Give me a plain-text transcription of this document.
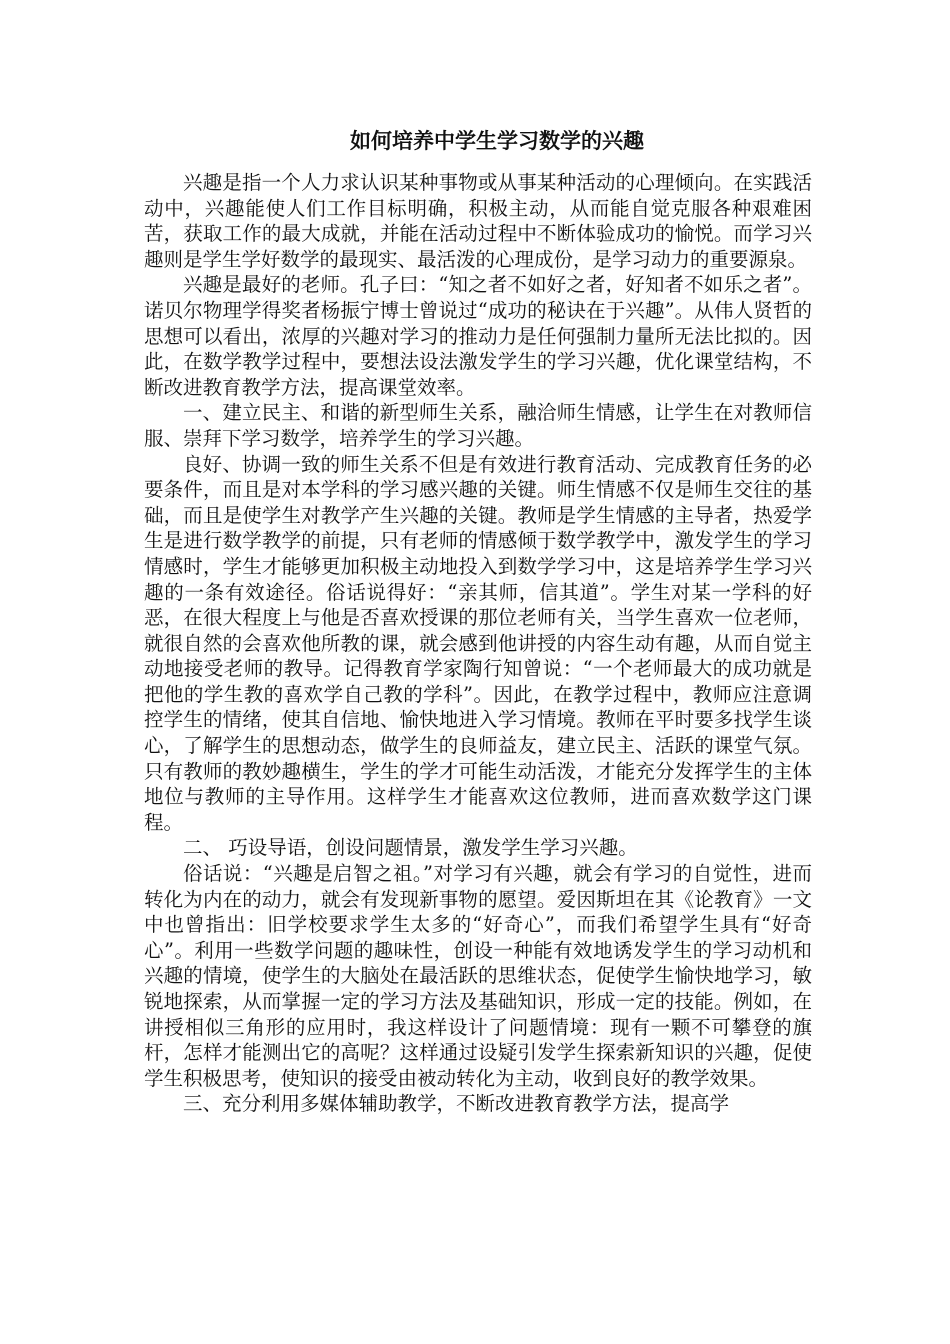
如何培养中学生学习数学的兴趣

兴趣是指一个人力求认识某种事物或从事某种活动的心理倾向。在实践活动中，兴趣能使人们工作目标明确，积极主动，从而能自觉克服各种艰难困苦，获取工作的最大成就，并能在活动过程中不断体验成功的愉悦。而学习兴趣则是学生学好数学的最现实、最活泼的心理成份，是学习动力的重要源泉。

兴趣是最好的老师。孔子曰：“知之者不如好之者，好知者不如乐之者”。诺贝尔物理学得奖者杨振宁博士曾说过“成功的秘诀在于兴趣”。从伟人贤哲的思想可以看出，浓厚的兴趣对学习的推动力是任何强制力量所无法比拟的。因此，在数学教学过程中，要想法设法激发学生的学习兴趣，优化课堂结构，不断改进教育教学方法，提高课堂效率。

一、建立民主、和谐的新型师生关系，融洽师生情感，让学生在对教师信服、崇拜下学习数学，培养学生的学习兴趣。

良好、协调一致的师生关系不但是有效进行教育活动、完成教育任务的必要条件，而且是对本学科的学习感兴趣的关键。师生情感不仅是师生交往的基础，而且是使学生对教学产生兴趣的关键。教师是学生情感的主导者，热爱学生是进行数学教学的前提，只有老师的情感倾于数学教学中，激发学生的学习情感时，学生才能够更加积极主动地投入到数学学习中，这是培养学生学习兴趣的一条有效途径。俗话说得好：“亲其师，信其道”。学生对某一学科的好恶，在很大程度上与他是否喜欢授课的那位老师有关，当学生喜欢一位老师，就很自然的会喜欢他所教的课，就会感到他讲授的内容生动有趣，从而自觉主动地接受老师的教导。记得教育学家陶行知曾说：“一个老师最大的成功就是把他的学生教的喜欢学自己教的学科”。因此，在教学过程中，教师应注意调控学生的情绪，使其自信地、愉快地进入学习情境。教师在平时要多找学生谈心，了解学生的思想动态，做学生的良师益友，建立民主、活跃的课堂气氛。只有教师的教妙趣横生，学生的学才可能生动活泼，才能充分发挥学生的主体地位与教师的主导作用。这样学生才能喜欢这位教师，进而喜欢数学这门课程。

二、 巧设导语，创设问题情景，激发学生学习兴趣。

俗话说：“兴趣是启智之祖。”对学习有兴趣，就会有学习的自觉性，进而转化为内在的动力，就会有发现新事物的愿望。爱因斯坦在其《论教育》一文中也曾指出：旧学校要求学生太多的“好奇心”，而我们希望学生具有“好奇心”。利用一些数学问题的趣味性，创设一种能有效地诱发学生的学习动机和兴趣的情境，使学生的大脑处在最活跃的思维状态，促使学生愉快地学习，敏锐地探索，从而掌握一定的学习方法及基础知识，形成一定的技能。例如，在讲授相似三角形的应用时，我这样设计了问题情境：现有一颗不可攀登的旗杆，怎样才能测出它的高呢？这样通过设疑引发学生探索新知识的兴趣，促使学生积极思考，使知识的接受由被动转化为主动，收到良好的教学效果。

三、充分利用多媒体辅助教学，不断改进教育教学方法，提高学
